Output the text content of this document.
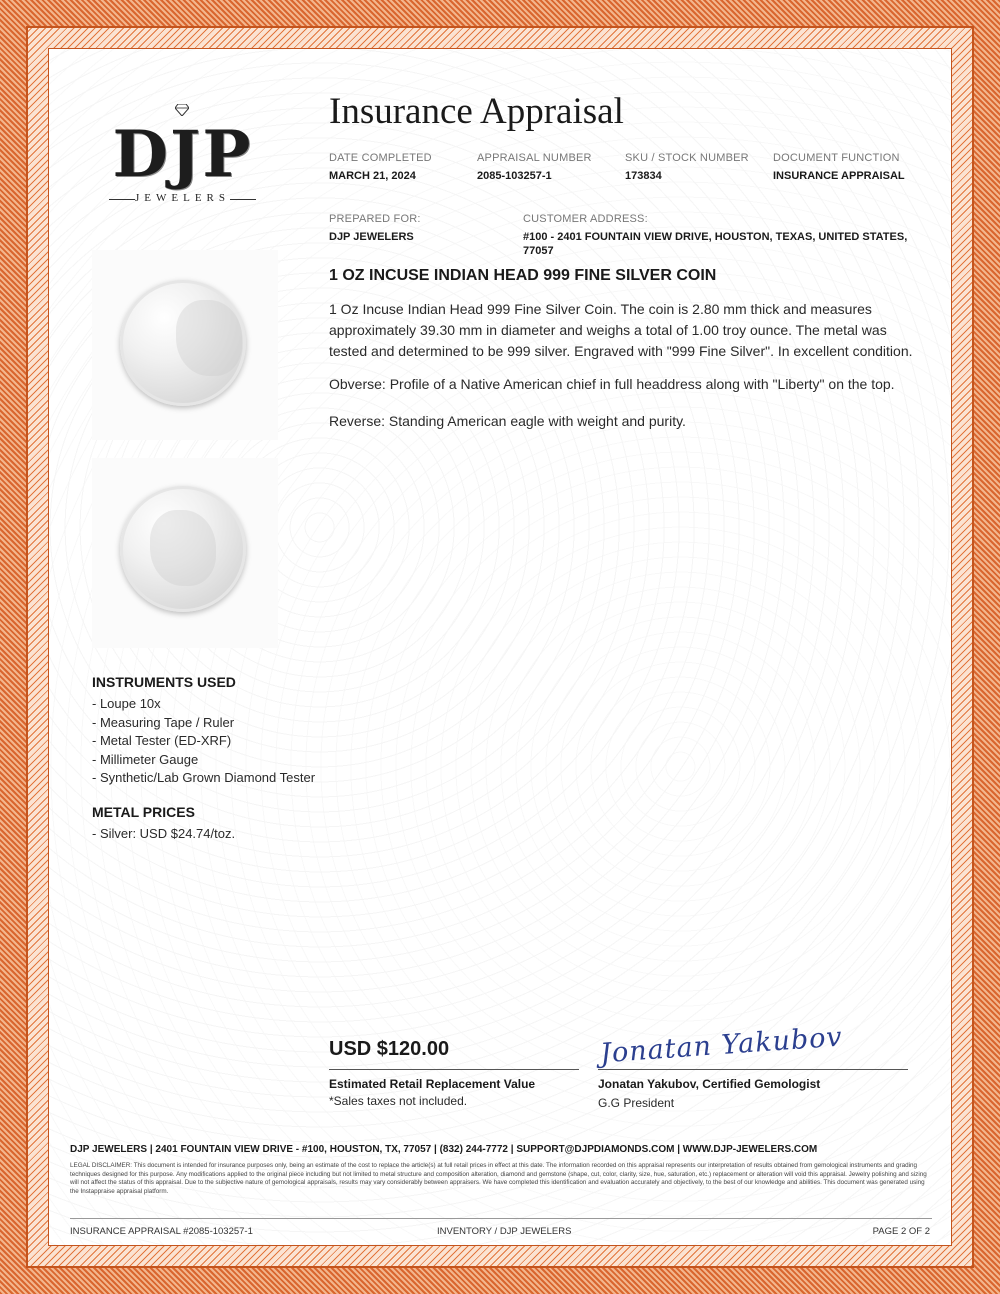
DJP
JEWELERS
Insurance Appraisal
DATE COMPLETED
MARCH 21, 2024
APPRAISAL NUMBER
2085-103257-1
SKU / STOCK NUMBER
173834
DOCUMENT FUNCTION
INSURANCE APPRAISAL
PREPARED FOR:
DJP JEWELERS
CUSTOMER ADDRESS:
#100 - 2401 FOUNTAIN VIEW DRIVE, HOUSTON, TEXAS, UNITED STATES,
77057
1 OZ INCUSE INDIAN HEAD 999 FINE SILVER COIN
1 Oz Incuse Indian Head 999 Fine Silver Coin. The coin is 2.80 mm thick and measures approximately 39.30 mm in diameter and weighs a total of 1.00 troy ounce. The metal was tested and determined to be 999 silver. Engraved with "999 Fine Silver". In excellent condition.
Obverse: Profile of a Native American chief in full headdress along with "Liberty" on the top.
Reverse: Standing American eagle with weight and purity.
INSTRUMENTS USED
- Loupe 10x
- Measuring Tape / Ruler
- Metal Tester (ED-XRF)
- Millimeter Gauge
- Synthetic/Lab Grown Diamond Tester
METAL PRICES
- Silver: USD $24.74/toz.
USD $120.00
Estimated Retail Replacement Value
*Sales taxes not included.
Jonatan Yakubov
Jonatan Yakubov, Certified Gemologist
G.G President
DJP JEWELERS | 2401 FOUNTAIN VIEW DRIVE - #100, HOUSTON, TX, 77057 | (832) 244-7772 | SUPPORT@DJPDIAMONDS.COM | WWW.DJP-JEWELERS.COM
LEGAL DISCLAIMER: This document is intended for insurance purposes only, being an estimate of the cost to replace the article(s) at full retail prices in effect at this date. The information recorded on this appraisal represents our interpretation of results obtained from gemological instruments and grading techniques designed for this purpose. Any modifications applied to the original piece including but not limited to metal structure and composition alteration, diamond and gemstone (shape, cut, color, clarity, size, hue, saturation, etc.) replacement or alteration will void this appraisal. Jewelry polishing and sizing will not affect the status of this appraisal. Due to the subjective nature of gemological appraisals, results may vary considerably between appraisers. We have completed this identification and evaluation accurately and objectively, to the best of our knowledge and abilities. This document was generated using the Instappraise appraisal platform.
INSURANCE APPRAISAL #2085-103257-1	INVENTORY / DJP JEWELERS	PAGE 2 OF 2
